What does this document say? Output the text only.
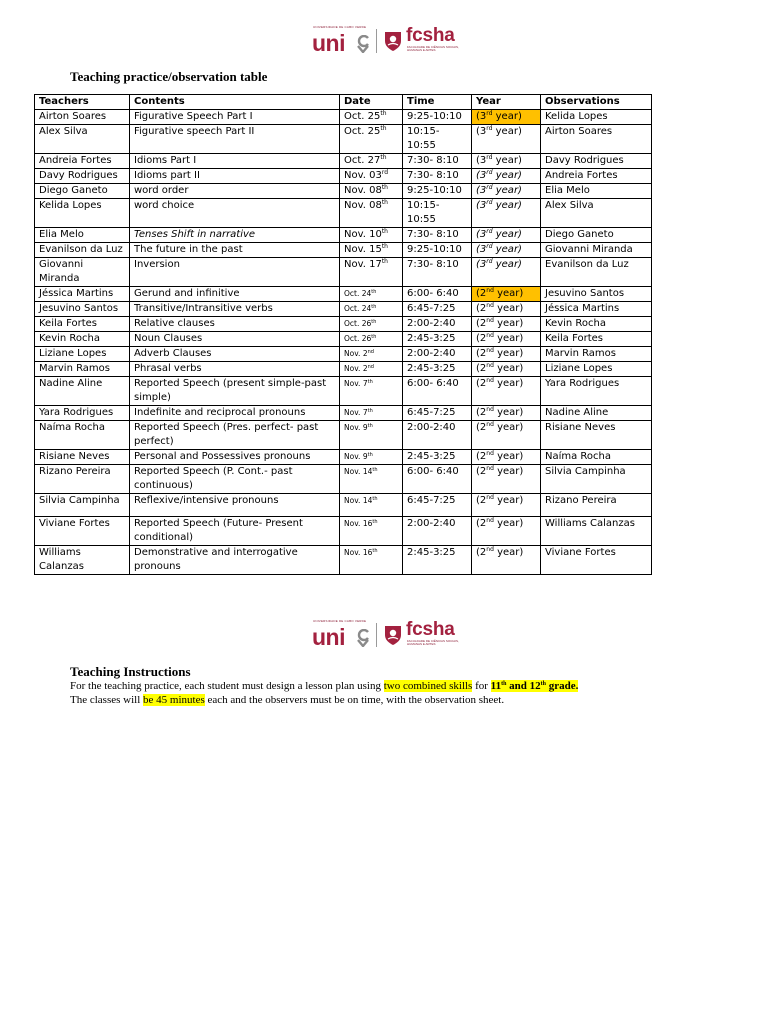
UNIVERSIDADE DE CABO VERDE
uni	fcsha
FACULDADE DE CIÊNCIAS SOCIAIS, HUMANAS E ARTES
Teaching practice/observation table
Teachers	Contents	Date	Time	Year	Observations
Airton Soares	Figurative Speech Part I	Oct. 25th	9:25-10:10	(3rd year)	Kelida Lopes
Alex Silva	Figurative speech Part II	Oct. 25th	10:15-10:55	(3rd year)	Airton Soares
Andreia Fortes	Idioms Part I	Oct. 27th	7:30- 8:10	(3rd year)	Davy Rodrigues
Davy Rodrigues	Idioms part II	Nov. 03rd	7:30- 8:10	(3rd year)	Andreia Fortes
Diego Ganeto	word order	Nov. 08th	9:25-10:10	(3rd year)	Elia Melo
Kelida Lopes	word choice	Nov. 08th	10:15-10:55	(3rd year)	Alex Silva
Elia Melo	Tenses Shift in narrative	Nov. 10th	7:30- 8:10	(3rd year)	Diego Ganeto
Evanilson da Luz	The future in the past	Nov. 15th	9:25-10:10	(3rd year)	Giovanni Miranda
Giovanni Miranda	Inversion	Nov. 17th	7:30- 8:10	(3rd year)	Evanilson da Luz
Jéssica Martins	Gerund and infinitive	Oct. 24th	6:00- 6:40	(2nd year)	Jesuvino Santos
Jesuvino Santos	Transitive/Intransitive verbs	Oct. 24th	6:45-7:25	(2nd year)	Jéssica Martins
Keila Fortes	Relative clauses	Oct. 26th	2:00-2:40	(2nd year)	Kevin Rocha
Kevin Rocha	Noun Clauses	Oct. 26th	2:45-3:25	(2nd year)	Keila Fortes
Liziane Lopes	Adverb Clauses	Nov. 2nd	2:00-2:40	(2nd year)	Marvin Ramos
Marvin Ramos	Phrasal verbs	Nov. 2nd	2:45-3:25	(2nd year)	Liziane Lopes
Nadine Aline	Reported Speech (present simple-past simple)	Nov. 7th	6:00- 6:40	(2nd year)	Yara Rodrigues
Yara Rodrigues	Indefinite and reciprocal pronouns	Nov. 7th	6:45-7:25	(2nd year)	Nadine Aline
Naíma Rocha	Reported Speech (Pres. perfect- past perfect)	Nov. 9th	2:00-2:40	(2nd year)	Risiane Neves
Risiane Neves	Personal and Possessives pronouns	Nov. 9th	2:45-3:25	(2nd year)	Naíma Rocha
Rizano Pereira	Reported Speech (P. Cont.- past continuous)	Nov. 14th	6:00- 6:40	(2nd year)	Silvia Campinha
Silvia Campinha	Reflexive/intensive pronouns	Nov. 14th	6:45-7:25	(2nd year)	Rizano Pereira
Viviane Fortes	Reported Speech (Future- Present conditional)	Nov. 16th	2:00-2:40	(2nd year)	Williams Calanzas
Williams Calanzas	Demonstrative and interrogative pronouns	Nov. 16th	2:45-3:25	(2nd year)	Viviane Fortes
UNIVERSIDADE DE CABO VERDE
uni	fcsha
FACULDADE DE CIÊNCIAS SOCIAIS, HUMANAS E ARTES
Teaching Instructions
For the teaching practice, each student must design a lesson plan using two combined skills for 11th and 12th grade.
The classes will be 45 minutes each and the observers must be on time, with the observation sheet.
